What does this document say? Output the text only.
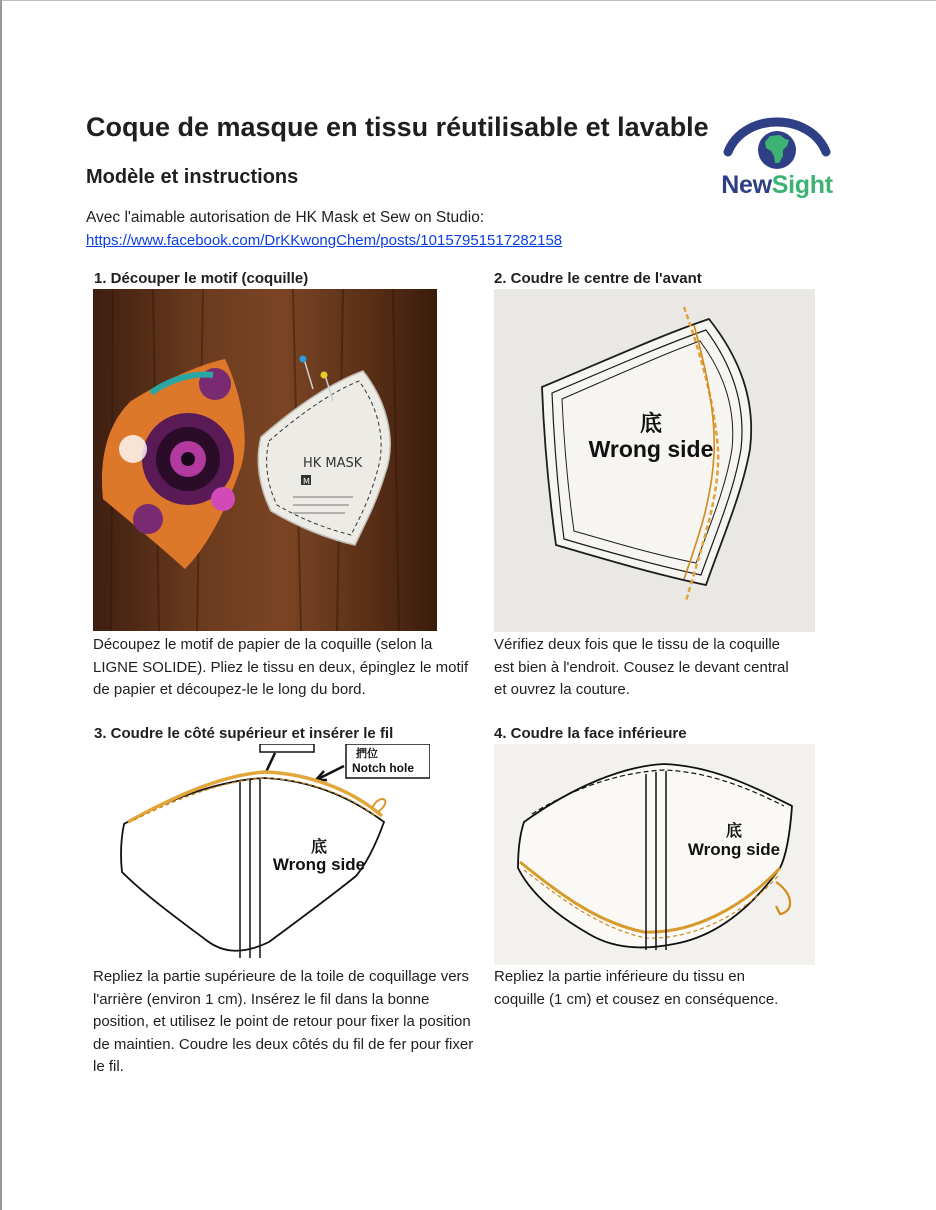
Coque de masque en tissu réutilisable et lavable
Modèle et instructions
Avec l'aimable autorisation de HK Mask et Sew on Studio:
https://www.facebook.com/DrKKwongChem/posts/10157951517282158
NewSight
1. Découper le motif (coquille)
HK MASK
M
Découpez le motif de papier de la coquille (selon la LIGNE SOLIDE). Pliez le tissu en deux, épinglez le motif de papier et découpez-le le long du bord.
2. Coudre le centre de l'avant
底
Wrong side
Vérifiez deux fois que le tissu de la coquille est bien à l'endroit. Cousez le devant central et ouvrez la couture.
3. Coudre le côté supérieur et insérer le fil
捫位
Notch hole
底
Wrong side
Repliez la partie supérieure de la toile de coquillage vers l'arrière (environ 1 cm). Insérez le fil dans la bonne position, et utilisez le point de retour pour fixer la position de maintien. Coudre les deux côtés du fil de fer pour fixer le fil.
4. Coudre la face inférieure
底
Wrong side
Repliez la partie inférieure du tissu en coquille (1 cm) et cousez en conséquence.
